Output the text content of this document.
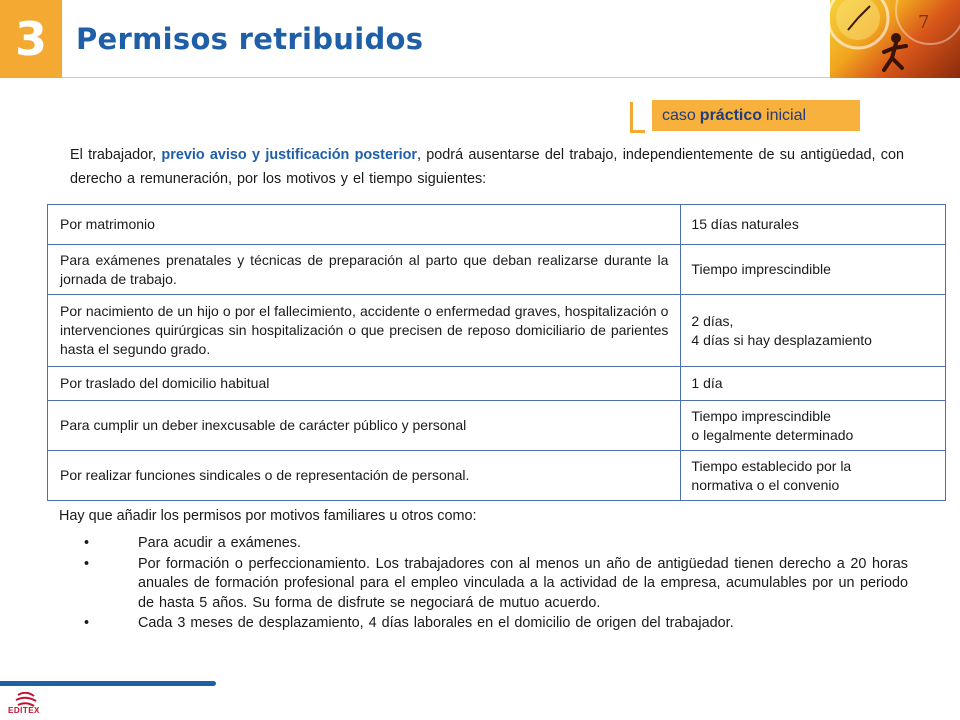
3 Permisos retribuidos	7
caso práctico inicial

El trabajador, previo aviso y justificación posterior, podrá ausentarse del trabajo, independientemente de su antigüedad, con derecho a remuneración, por los motivos y el tiempo siguientes:

Por matrimonio	15 días naturales

Para exámenes prenatales y técnicas de preparación al parto que deban realizarse durante la jornada de trabajo.	Tiempo imprescindible

Por nacimiento de un hijo o por el fallecimiento, accidente o enfermedad graves, hospitalización o intervenciones quirúrgicas sin hospitalización o que precisen de reposo domiciliario de parientes hasta el segundo grado.	2 días,
4 días si hay desplazamiento

Por traslado del domicilio habitual	1 día

Para cumplir un deber inexcusable de carácter público y personal	Tiempo imprescindible
o legalmente determinado

Por realizar funciones sindicales o de representación de personal.	Tiempo establecido por la
normativa o el convenio
Hay que añadir los permisos por motivos familiares u otros como:
•	Para acudir a exámenes.
•	Por formación o perfeccionamiento. Los trabajadores con al menos un año de antigüedad tienen derecho a 20 horas anuales de formación profesional para el empleo vinculada a la actividad de la empresa, acumulables por un periodo de hasta 5 años. Su forma de disfrute se negociará de mutuo acuerdo.
•	Cada 3 meses de desplazamiento, 4 días laborales en el domicilio de origen del trabajador.
EDITEX
